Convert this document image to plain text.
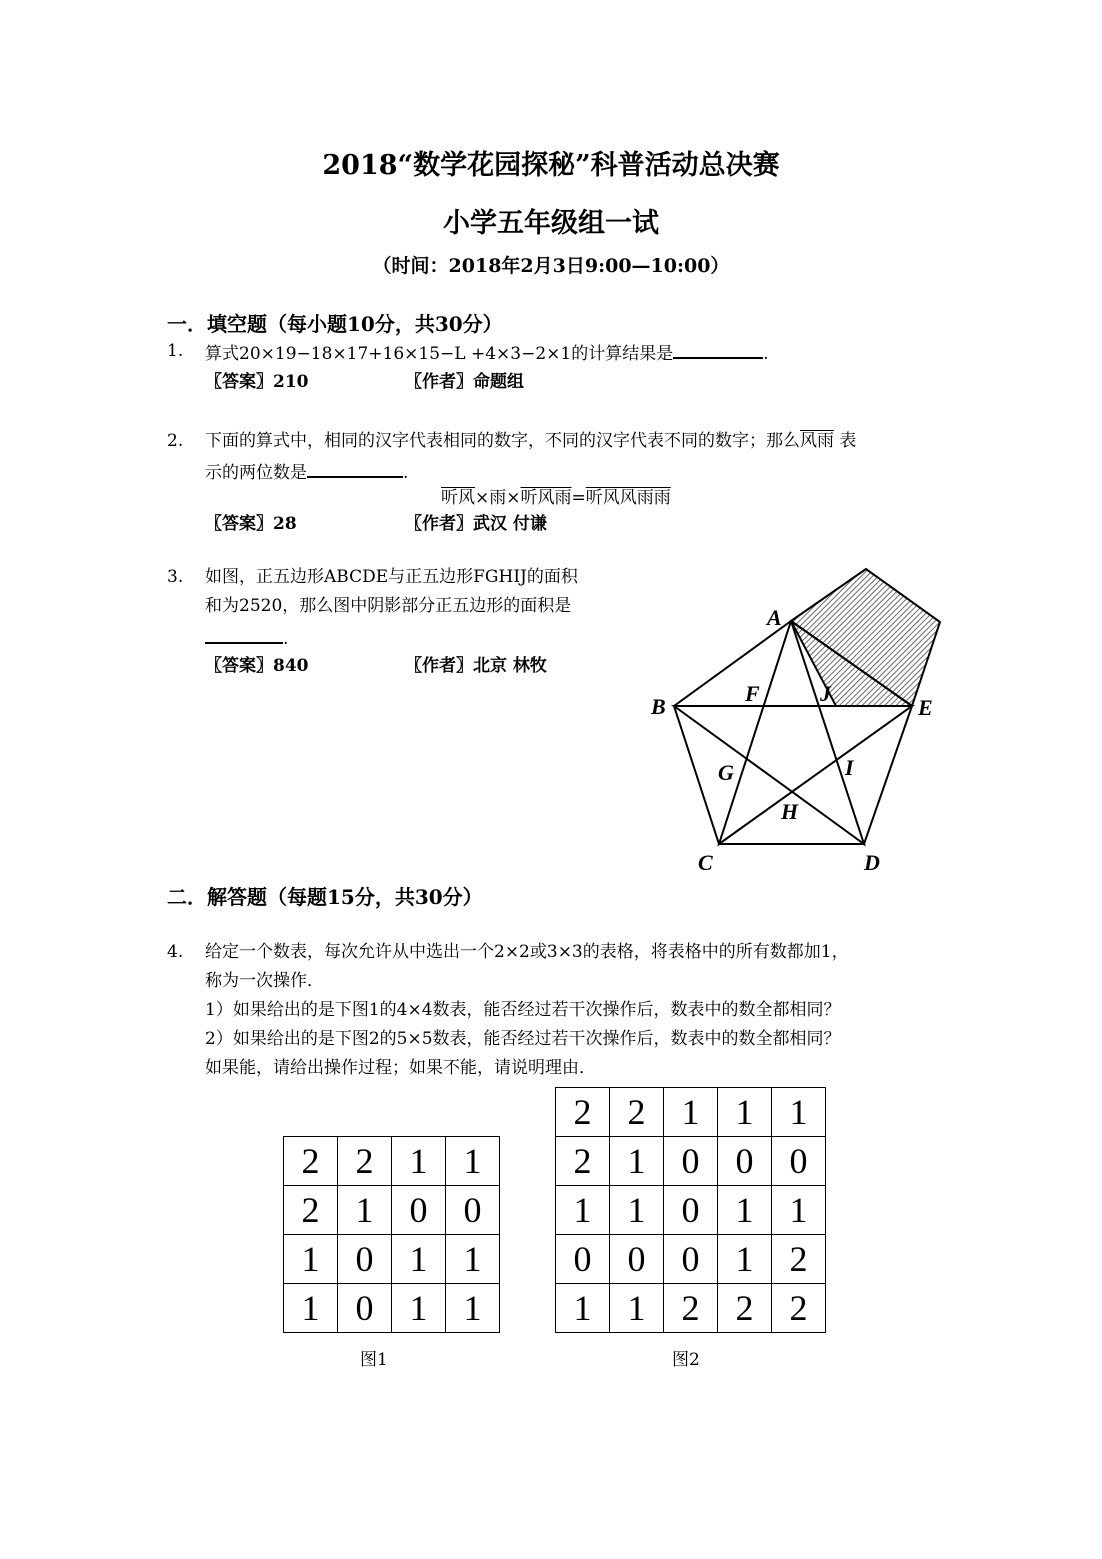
2018“数学花园探秘”科普活动总决赛
小学五年级组一试
（时间：2018年2月3日9:00—10:00）
一．填空题（每小题10分，共30分）
1. 算式20×19−18×17+16×15−L +4×3−2×1的计算结果是	.
〖答案〗210	〖作者〗命题组
2. 下面的算式中，相同的汉字代表相同的数字，不同的汉字代表不同的数字；那么风雨 表
示的两位数是	.
听风×雨×听风雨=听风风雨雨
〖答案〗28	〖作者〗武汉 付谦
3. 如图，正五边形ABCDE与正五边形FGHIJ的面积
和为2520，那么图中阴影部分正五边形的面积是
.
〖答案〗840	〖作者〗北京 林牧
A
B
C	D
E
F
G
H
I
J
二．解答题（每题15分，共30分）
4. 给定一个数表，每次允许从中选出一个2×2或3×3的表格，将表格中的所有数都加1，
称为一次操作．
1）如果给出的是下图1的4×4数表，能否经过若干次操作后，数表中的数全都相同？
2）如果给出的是下图2的5×5数表，能否经过若干次操作后，数表中的数全都相同？
如果能，请给出操作过程；如果不能，请说明理由．
2	2	1	1
2	1	0	0
1	0	1	1
1	0	1	1
图1
2	2	1	1	1
2	1	0	0	0
1	1	0	1	1
0	0	0	1	2
1	1	2	2	2
图2
